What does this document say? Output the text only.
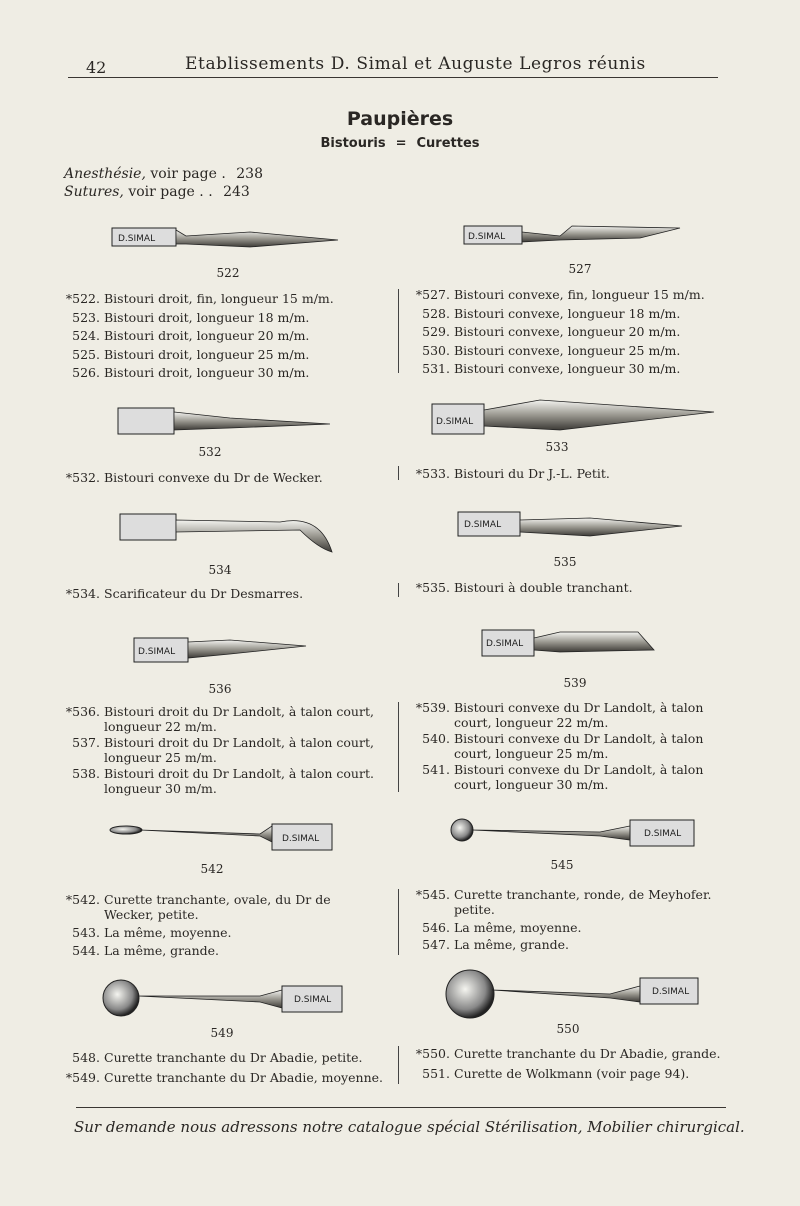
42	Etablissements D. Simal et Auguste Legros réunis
Paupières
Bistouris = Curettes
Anesthésie, voir page . 238
Sutures, voir page . . 243
D.SIMAL	D.SIMAL
D.SIMAL
D.SIMAL
D.SIMAL
D.SIMAL
D.SIMAL	D.SIMAL
D.SIMAL
D.SIMAL
522	527
532	533
534
535
536	539
542	545
549	550
*522. Bistouri droit, fin, longueur 15 m/m.
523. Bistouri droit, longueur 18 m/m.
524. Bistouri droit, longueur 20 m/m.
525. Bistouri droit, longueur 25 m/m.
526. Bistouri droit, longueur 30 m/m.
*532. Bistouri convexe du Dr de Wecker.
*534. Scarificateur du Dr Desmarres.
*536. Bistouri droit du Dr Landolt, à talon court,
longueur 22 m/m.
537. Bistouri droit du Dr Landolt, à talon court,
longueur 25 m/m.
538. Bistouri droit du Dr Landolt, à talon court.
longueur 30 m/m.
*542. Curette tranchante, ovale, du Dr de
Wecker, petite.
543. La même, moyenne.
544. La même, grande.
548. Curette tranchante du Dr Abadie, petite.
*549. Curette tranchante du Dr Abadie, moyenne.
*527. Bistouri convexe, fin, longueur 15 m/m.
528. Bistouri convexe, longueur 18 m/m.
529. Bistouri convexe, longueur 20 m/m.
530. Bistouri convexe, longueur 25 m/m.
531. Bistouri convexe, longueur 30 m/m.
*533. Bistouri du Dr J.-L. Petit.
*535. Bistouri à double tranchant.
*539. Bistouri convexe du Dr Landolt, à talon
court, longueur 22 m/m.
540. Bistouri convexe du Dr Landolt, à talon
court, longueur 25 m/m.
541. Bistouri convexe du Dr Landolt, à talon
court, longueur 30 m/m.
*545. Curette tranchante, ronde, de Meyhofer.
petite.
546. La même, moyenne.
547. La même, grande.
*550. Curette tranchante du Dr Abadie, grande.
551. Curette de Wolkmann (voir page 94).
Sur demande nous adressons notre catalogue spécial Stérilisation, Mobilier chirurgical.
